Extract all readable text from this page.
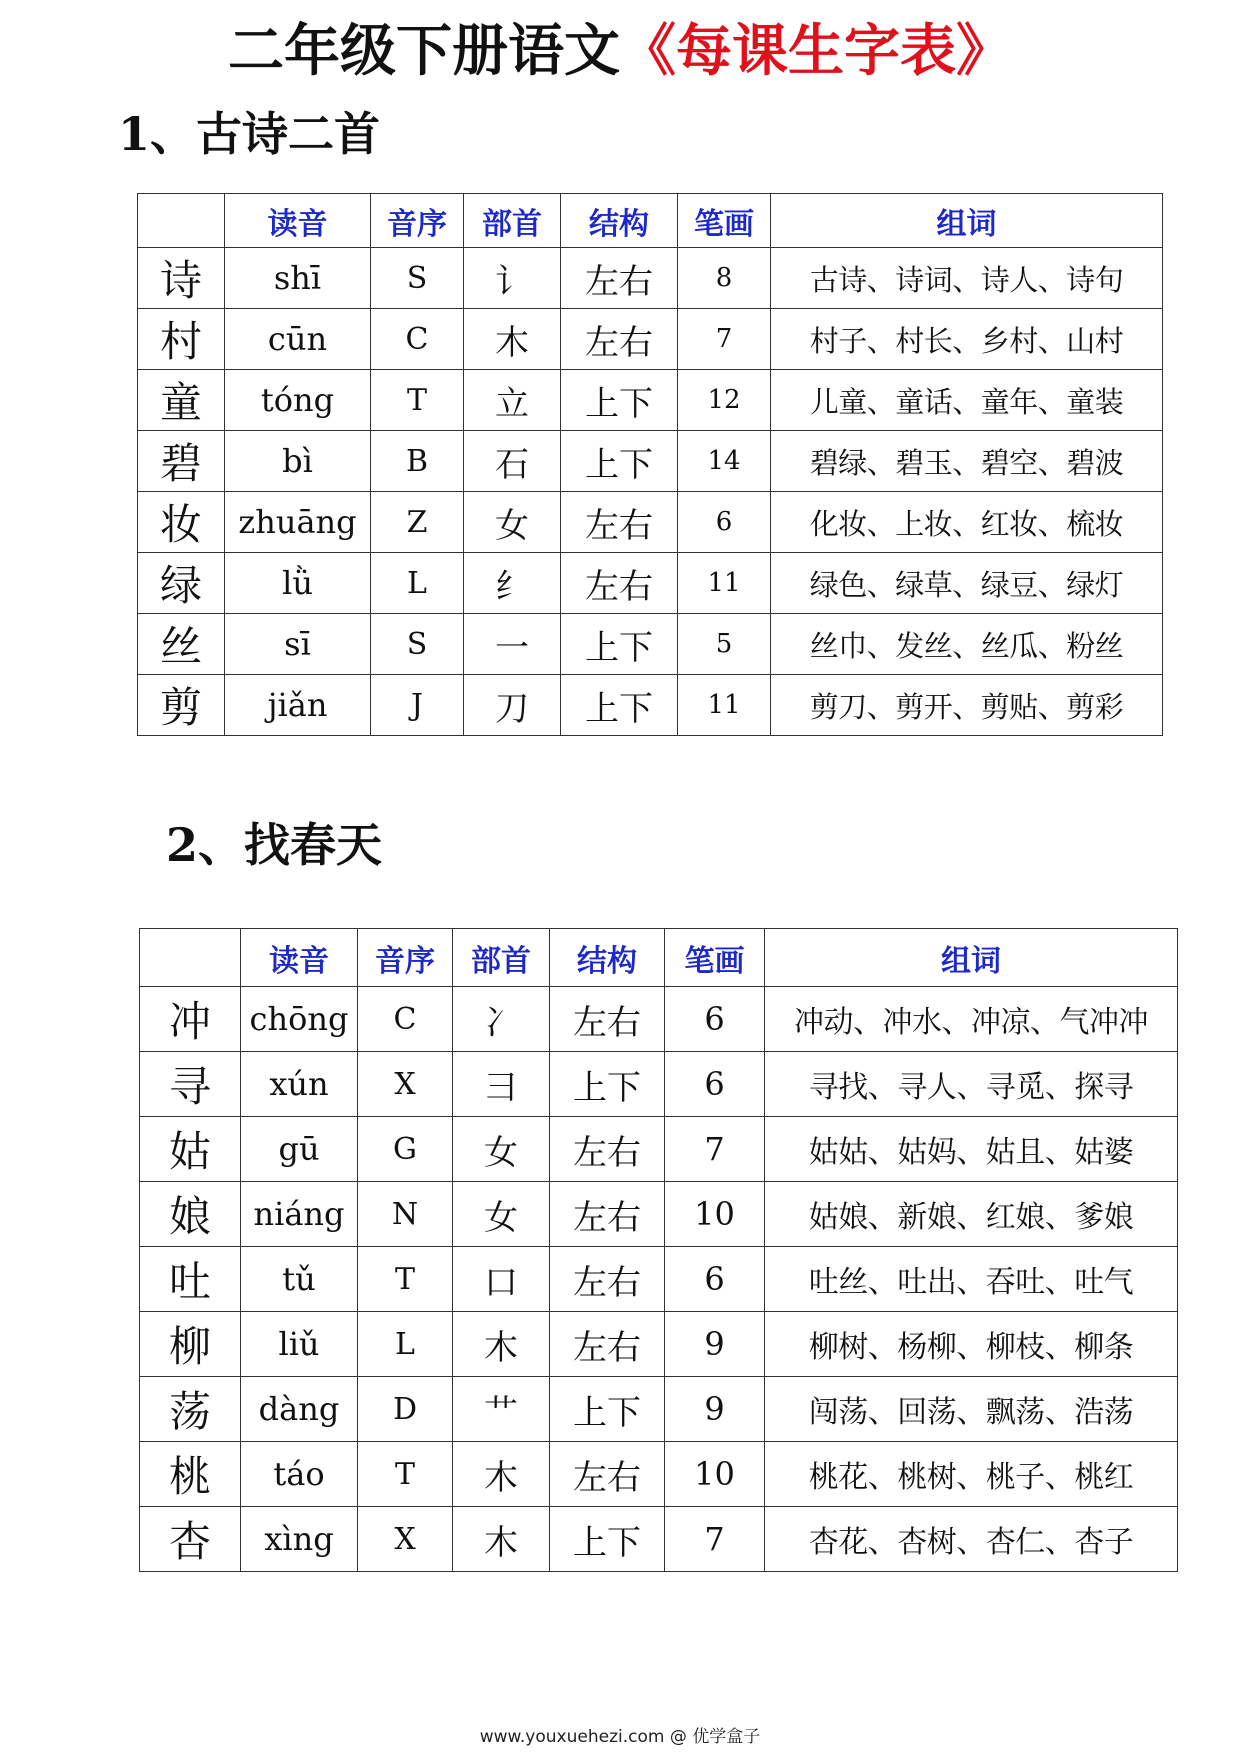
二年级下册语文《每课生字表》
1、古诗二首
	读音	音序	部首	结构	笔画	组词
诗	shī	S	讠	左右	8	古诗、诗词、诗人、诗句
村	cūn	C	木	左右	7	村子、村长、乡村、山村
童	tóng	T	立	上下	12	儿童、童话、童年、童装
碧	bì	B	石	上下	14	碧绿、碧玉、碧空、碧波
妆	zhuāng	Z	女	左右	6	化妆、上妆、红妆、梳妆
绿	lǜ	L	纟	左右	11	绿色、绿草、绿豆、绿灯
丝	sī	S	一	上下	5	丝巾、发丝、丝瓜、粉丝
剪	jiǎn	J	刀	上下	11	剪刀、剪开、剪贴、剪彩
2、找春天
	读音	音序	部首	结构	笔画	组词
冲	chōng	C	冫	左右	6	冲动、冲水、冲凉、气冲冲
寻	xún	X	彐	上下	6	寻找、寻人、寻觅、探寻
姑	gū	G	女	左右	7	姑姑、姑妈、姑且、姑婆
娘	niáng	N	女	左右	10	姑娘、新娘、红娘、爹娘
吐	tǔ	T	口	左右	6	吐丝、吐出、吞吐、吐气
柳	liǔ	L	木	左右	9	柳树、杨柳、柳枝、柳条
荡	dàng	D	艹	上下	9	闯荡、回荡、飘荡、浩荡
桃	táo	T	木	左右	10	桃花、桃树、桃子、桃红
杏	xìng	X	木	上下	7	杏花、杏树、杏仁、杏子
www.youxuehezi.com @ 优学盒子
